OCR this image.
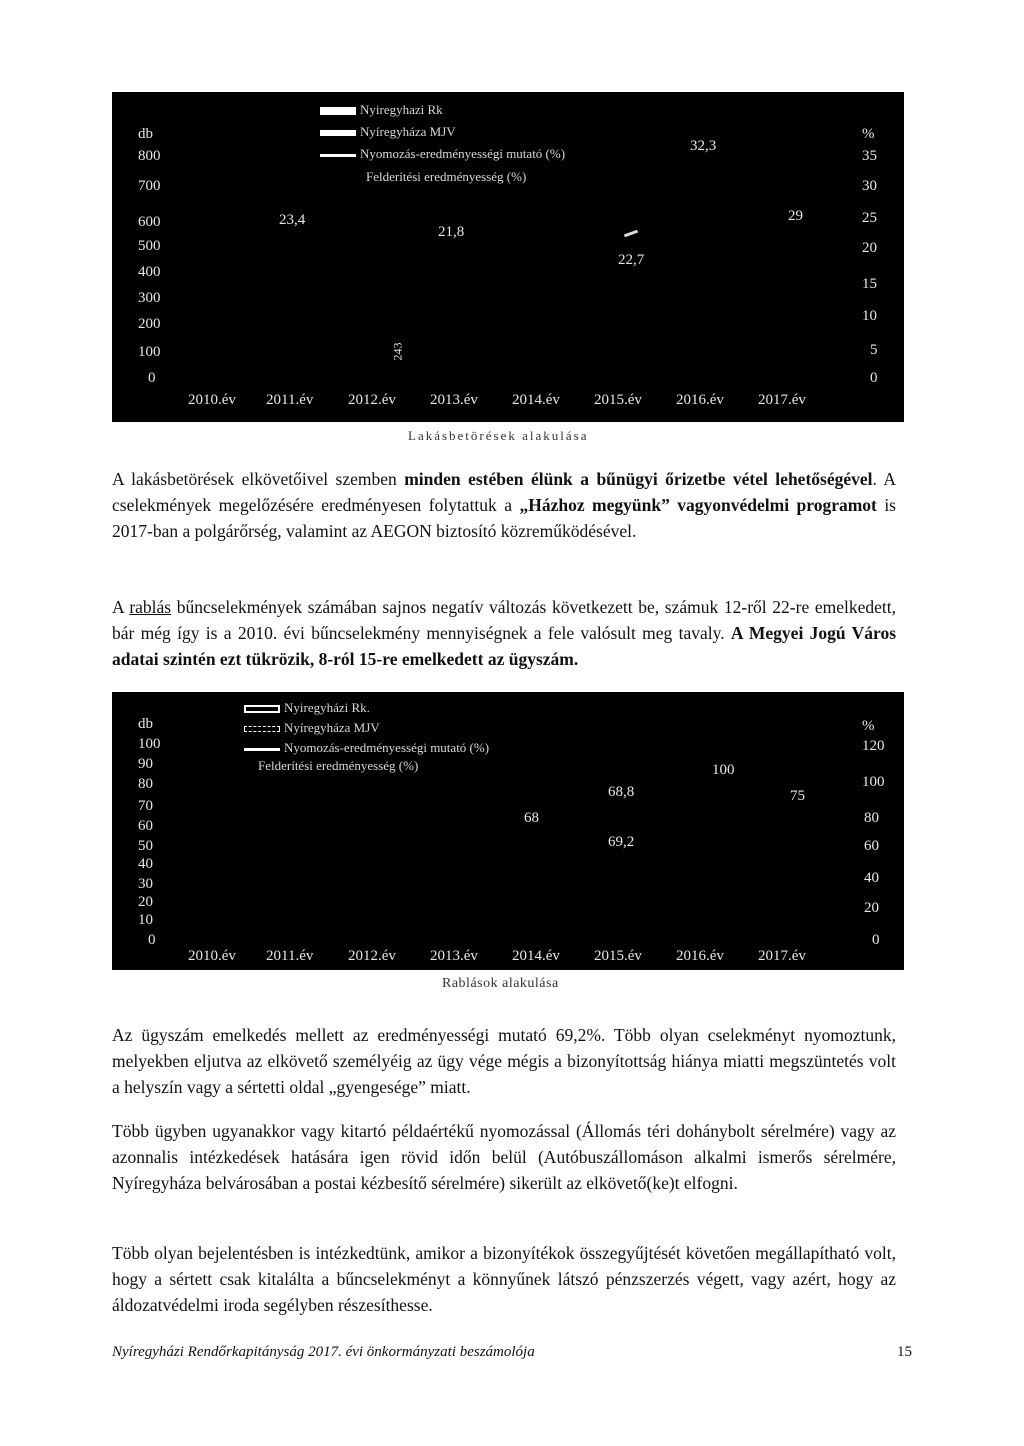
Nyiregyhazi Rk
Nyíregyháza MJV
Nyomozás-eredményességi mutató (%)
Felderítési eredményesség (%)
db	%
800
700
600
500
400
300
200
100
0
35
30
25
20
15
10
5
0
23,4
21,8
22,7
32,3
29
243
2010.év 2011.év 2012.év 2013.év 2014.év 2015.év 2016.év 2017.év
Lakásbetörések alakulása

A lakásbetörések elkövetőivel szemben minden estében élünk a bűnügyi őrizetbe vétel lehetőségével. A cselekmények megelőzésére eredményesen folytattuk a „Házhoz megyünk” vagyonvédelmi programot is 2017-ban a polgárőrség, valamint az AEGON biztosító közreműködésével.

A rablás bűncselekmények számában sajnos negatív változás következett be, számuk 12-ről 22-re emelkedett, bár még így is a 2010. évi bűncselekmény mennyiségnek a fele valósult meg tavaly. A Megyei Jogú Város adatai szintén ezt tükrözik, 8-ról 15-re emelkedett az ügyszám.

Nyiregyházi Rk.
Nyíregyháza MJV
Nyomozás-eredményességi mutató (%)
Felderítési eredményesség (%)
db	%
100
90
80
70
60
50
40
30
20
10
0
120
100
80
60
40
20
0
68
68,8
69,2
100
75
2010.év 2011.év 2012.év 2013.év 2014.év 2015.év 2016.év 2017.év
Rablások alakulása
Az ügyszám emelkedés mellett az eredményességi mutató 69,2%. Több olyan cselekményt nyomoztunk, melyekben eljutva az elkövető személyéig az ügy vége mégis a bizonyítottság hiánya miatti megszüntetés volt a helyszín vagy a sértetti oldal „gyengesége” miatt.
Több ügyben ugyanakkor vagy kitartó példaértékű nyomozással (Állomás téri dohánybolt sérelmére) vagy az azonnalis intézkedések hatására igen rövid időn belül (Autóbuszállomáson alkalmi ismerős sérelmére, Nyíregyháza belvárosában a postai kézbesítő sérelmére) sikerült az elkövető(ke)t elfogni.
Több olyan bejelentésben is intézkedtünk, amikor a bizonyítékok összegyűjtését követően megállapítható volt, hogy a sértett csak kitalálta a bűncselekményt a könnyűnek látszó pénzszerzés végett, vagy azért, hogy az áldozatvédelmi iroda segélyben részesíthesse.
Nyíregyházi Rendőrkapitányság 2017. évi önkormányzati beszámolója	15
